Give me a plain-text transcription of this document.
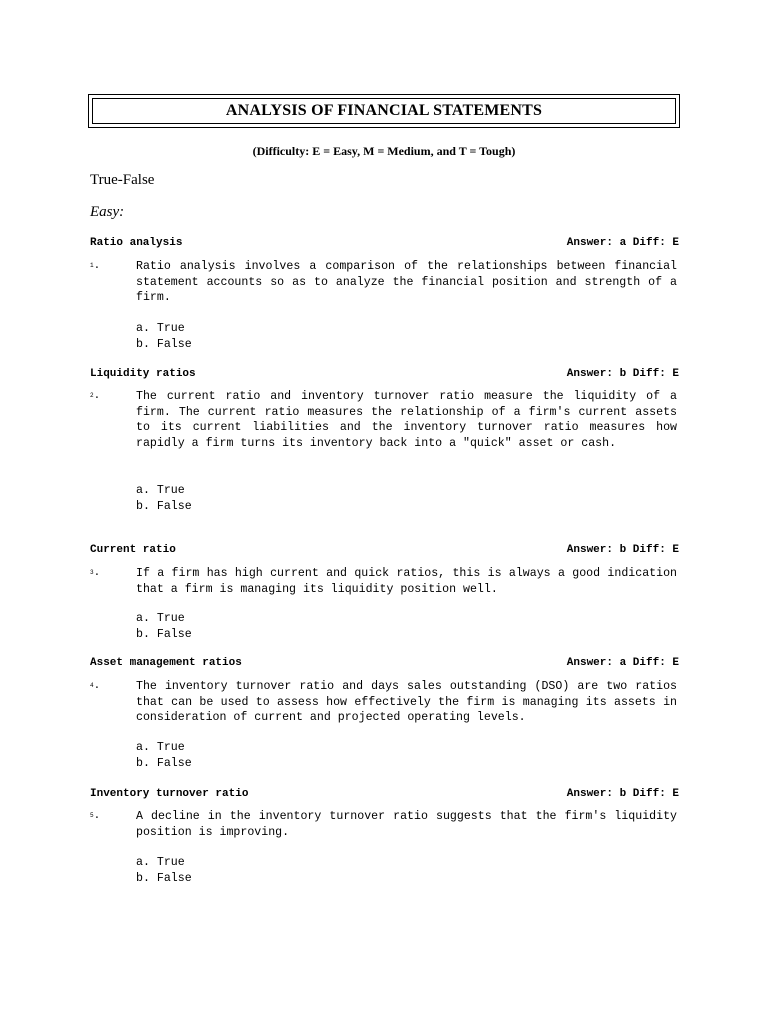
ANALYSIS OF FINANCIAL STATEMENTS
(Difficulty: E = Easy, M = Medium, and T = Tough)
True-False
Easy:
Ratio analysis	Answer: a Diff: E
$^1$.	Ratio analysis involves a comparison of the relationships between financial statement accounts so as to analyze the financial position and strength of a firm.
a. True
b. False
Liquidity ratios	Answer: b Diff: E
$^2$.	The current ratio and inventory turnover ratio measure the liquidity of a firm. The current ratio measures the relationship of a firm's current assets to its current liabilities and the inventory turnover ratio measures how rapidly a firm turns its inventory back into a "quick" asset or cash.
a. True
b. False
Current ratio	Answer: b Diff: E
$^3$.	If a firm has high current and quick ratios, this is always a good indication that a firm is managing its liquidity position well.
a. True
b. False
Asset management ratios	Answer: a Diff: E
$^4$.	The inventory turnover ratio and days sales outstanding (DSO) are two ratios that can be used to assess how effectively the firm is managing its assets in consideration of current and projected operating levels.
a. True
b. False
Inventory turnover ratio	Answer: b Diff: E
$^5$.	A decline in the inventory turnover ratio suggests that the firm's liquidity position is improving.
a. True
b. False
